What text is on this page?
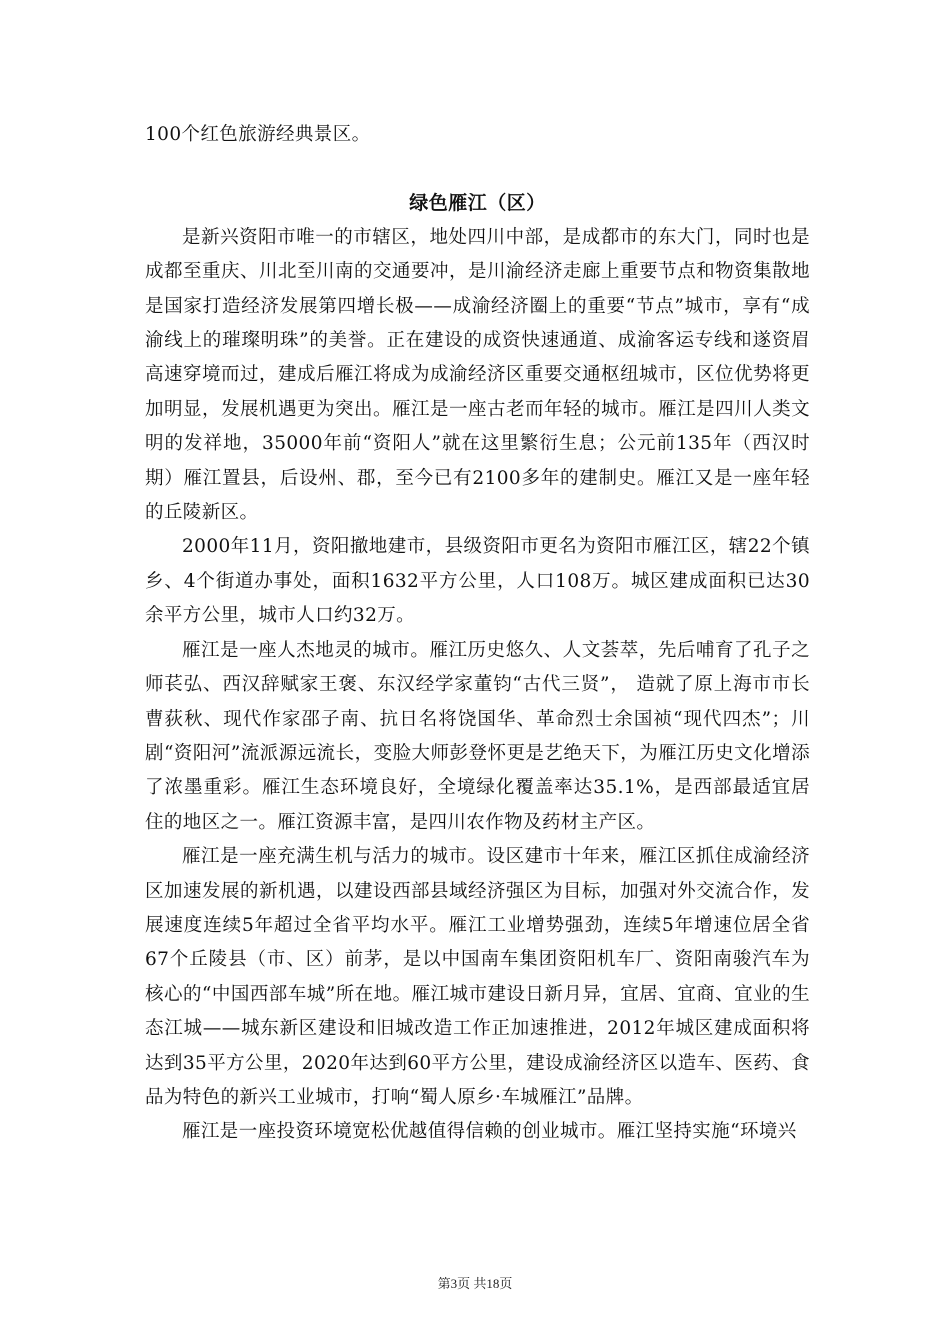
100个红色旅游经典景区。

绿色雁江（区）

是新兴资阳市唯一的市辖区，地处四川中部，是成都市的东大门，同时也是成都至重庆、川北至川南的交通要冲，是川渝经济走廊上重要节点和物资集散地是国家打造经济发展第四增长极——成渝经济圈上的重要“节点”城市，享有“成渝线上的璀璨明珠”的美誉。正在建设的成资快速通道、成渝客运专线和遂资眉高速穿境而过，建成后雁江将成为成渝经济区重要交通枢纽城市，区位优势将更加明显，发展机遇更为突出。雁江是一座古老而年轻的城市。雁江是四川人类文明的发祥地，35000年前“资阳人”就在这里繁衍生息；公元前135年（西汉时期）雁江置县，后设州、郡，至今已有2100多年的建制史。雁江又是一座年轻的丘陵新区。

2000年11月，资阳撤地建市，县级资阳市更名为资阳市雁江区，辖22个镇乡、4个街道办事处，面积1632平方公里，人口108万。城区建成面积已达30余平方公里，城市人口约32万。

雁江是一座人杰地灵的城市。雁江历史悠久、人文荟萃，先后哺育了孔子之师苌弘、西汉辞赋家王褒、东汉经学家董钧“古代三贤”， 造就了原上海市市长曹荻秋、现代作家邵子南、抗日名将饶国华、革命烈士余国祯“现代四杰”；川剧“资阳河”流派源远流长，变脸大师彭登怀更是艺绝天下，为雁江历史文化增添了浓墨重彩。雁江生态环境良好，全境绿化覆盖率达35.1%，是西部最适宜居住的地区之一。雁江资源丰富，是四川农作物及药材主产区。

雁江是一座充满生机与活力的城市。设区建市十年来，雁江区抓住成渝经济区加速发展的新机遇，以建设西部县域经济强区为目标，加强对外交流合作，发展速度连续5年超过全省平均水平。雁江工业增势强劲，连续5年增速位居全省67个丘陵县（市、区）前茅，是以中国南车集团资阳机车厂、资阳南骏汽车为核心的“中国西部车城”所在地。雁江城市建设日新月异，宜居、宜商、宜业的生态江城——城东新区建设和旧城改造工作正加速推进，2012年城区建成面积将达到35平方公里，2020年达到60平方公里，建设成渝经济区以造车、医药、食品为特色的新兴工业城市，打响“蜀人原乡·车城雁江”品牌。

雁江是一座投资环境宽松优越值得信赖的创业城市。雁江坚持实施“环境兴

第3页 共18页
